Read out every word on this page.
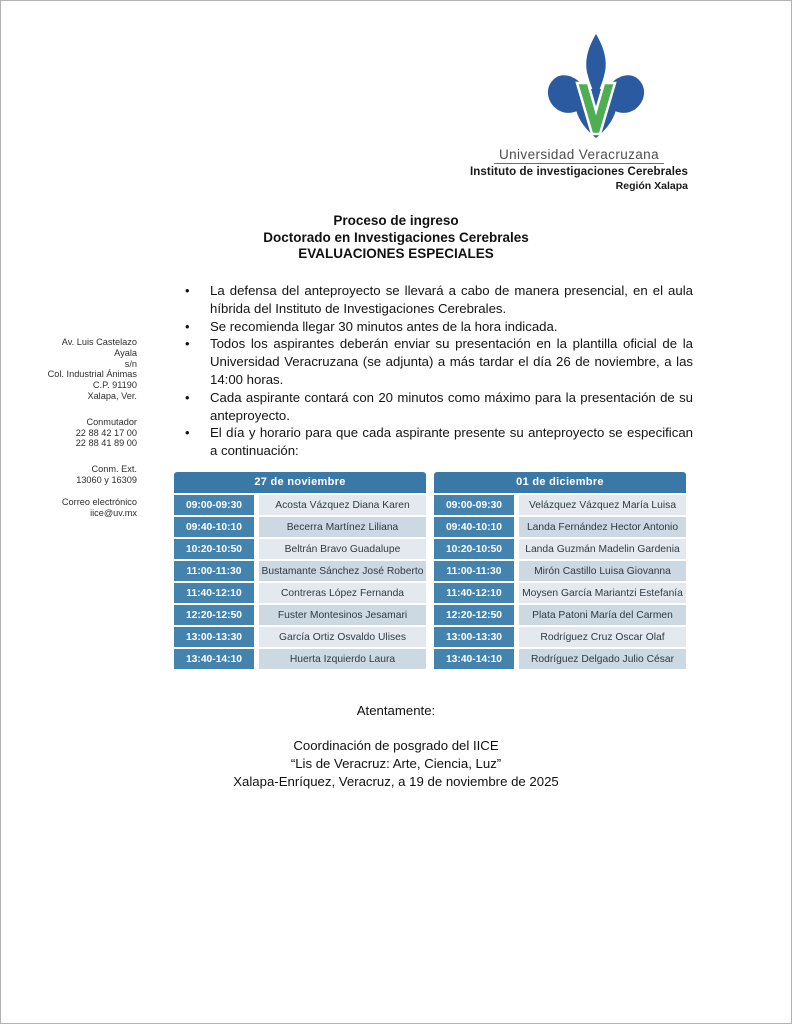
Universidad Veracruzana
Instituto de investigaciones Cerebrales
Región Xalapa
Proceso de ingreso
Doctorado en Investigaciones Cerebrales
EVALUACIONES ESPECIALES
Av. Luis Castelazo Ayala
s/n
Col. Industrial Ánimas
C.P. 91190
Xalapa, Ver.
Conmutador
22 88 42 17 00
22 88 41 89 00
Conm. Ext.
13060 y 16309
Correo electrónico
iice@uv.mx
• La defensa del anteproyecto se llevará a cabo de manera presencial, en el aula híbrida del Instituto de Investigaciones Cerebrales.
• Se recomienda llegar 30 minutos antes de la hora indicada.
• Todos los aspirantes deberán enviar su presentación en la plantilla oficial de la Universidad Veracruzana (se adjunta) a más tardar el día 26 de noviembre, a las 14:00 horas.
• Cada aspirante contará con 20 minutos como máximo para la presentación de su anteproyecto.
• El día y horario para que cada aspirante presente su anteproyecto se especifican a continuación:
27 de noviembre
09:00-09:30	Acosta Vázquez Diana Karen
09:40-10:10	Becerra Martínez Liliana
10:20-10:50	Beltrán Bravo Guadalupe
11:00-11:30	Bustamante Sánchez José Roberto
11:40-12:10	Contreras López Fernanda
12:20-12:50	Fuster Montesinos Jesamari
13:00-13:30	García Ortiz Osvaldo Ulises
13:40-14:10	Huerta Izquierdo Laura
01 de diciembre
09:00-09:30	Velázquez Vázquez María Luisa
09:40-10:10	Landa Fernández Hector Antonio
10:20-10:50	Landa Guzmán Madelin Gardenia
11:00-11:30	Mirón Castillo Luisa Giovanna
11:40-12:10	Moysen García Mariantzi Estefanía
12:20-12:50	Plata Patoni María del Carmen
13:00-13:30	Rodríguez Cruz Oscar Olaf
13:40-14:10	Rodríguez Delgado Julio César
Atentamente:
Coordinación de posgrado del IICE
“Lis de Veracruz: Arte, Ciencia, Luz”
Xalapa-Enríquez, Veracruz, a 19 de noviembre de 2025
